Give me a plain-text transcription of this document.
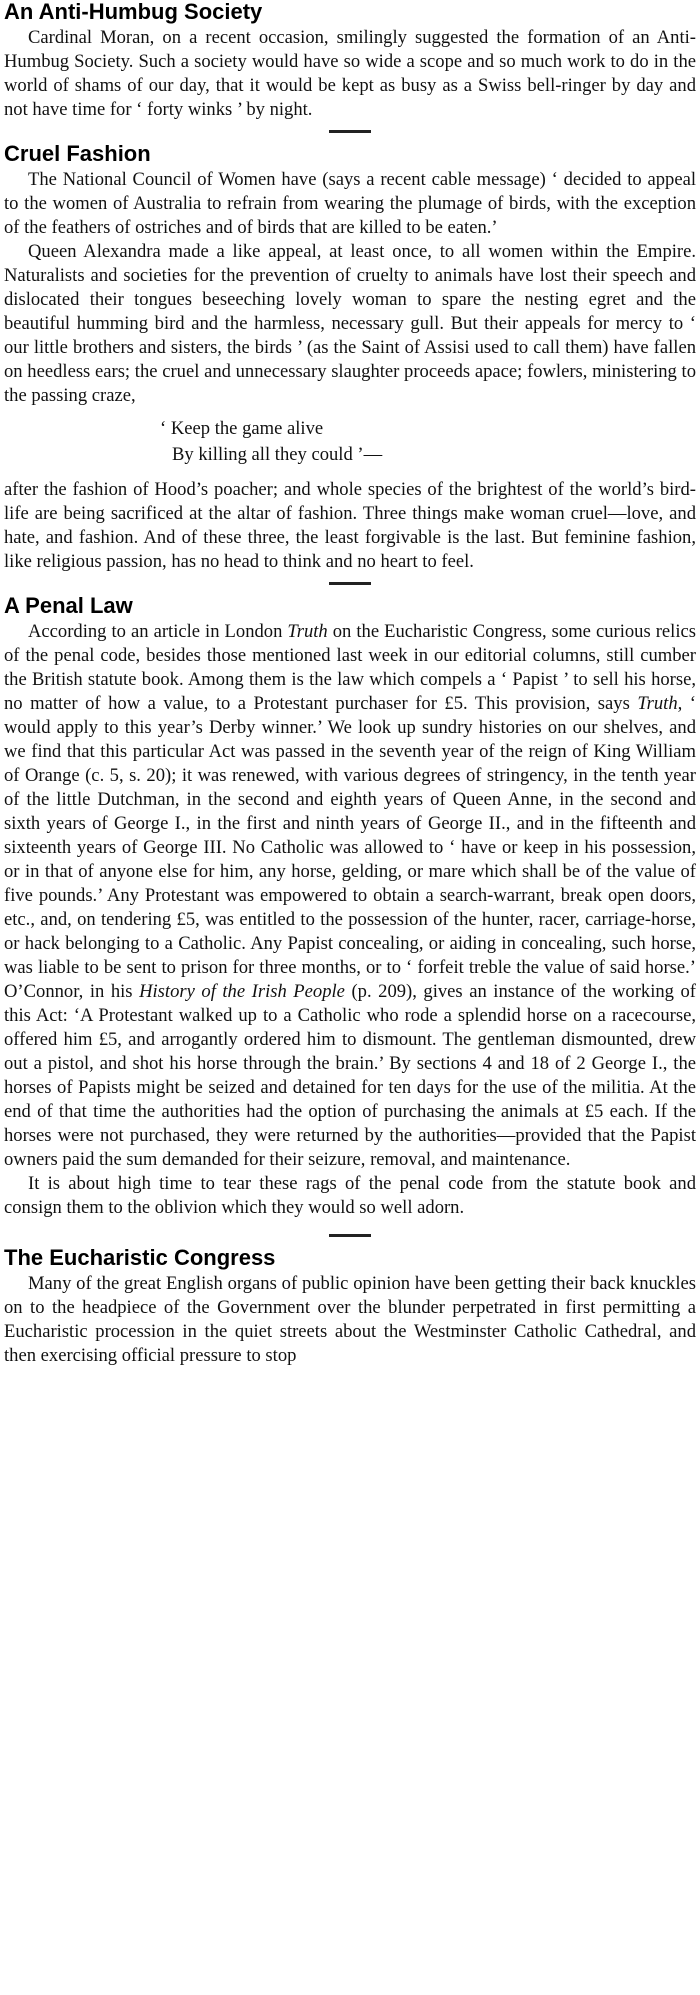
An Anti-Humbug Society

Cardinal Moran, on a recent occasion, smilingly suggested the formation of an Anti-Humbug Society. Such a society would have so wide a scope and so much work to do in the world of shams of our day, that it would be kept as busy as a Swiss bell-ringer by day and not have time for ‘ forty winks ’ by night.

Cruel Fashion

The National Council of Women have (says a recent cable message) ‘ decided to appeal to the women of Australia to refrain from wearing the plumage of birds, with the exception of the feathers of ostriches and of birds that are killed to be eaten.’

Queen Alexandra made a like appeal, at least once, to all women within the Empire. Naturalists and societies for the prevention of cruelty to animals have lost their speech and dislocated their tongues beseeching lovely woman to spare the nesting egret and the beautiful humming bird and the harmless, necessary gull. But their appeals for mercy to ‘ our little brothers and sisters, the birds ’ (as the Saint of Assisi used to call them) have fallen on heedless ears; the cruel and unnecessary slaughter proceeds apace; fowlers, ministering to the passing craze,

‘ Keep the game alive
By killing all they could ’—

after the fashion of Hood’s poacher; and whole species of the brightest of the world’s bird-life are being sacrificed at the altar of fashion. Three things make woman cruel—love, and hate, and fashion. And of these three, the least forgivable is the last. But feminine fashion, like religious passion, has no head to think and no heart to feel.

A Penal Law

According to an article in London Truth on the Eucharistic Congress, some curious relics of the penal code, besides those mentioned last week in our editorial columns, still cumber the British statute book. Among them is the law which compels a ‘ Papist ’ to sell his horse, no matter of how a value, to a Protestant purchaser for £5. This provision, says Truth, ‘ would apply to this year’s Derby winner.’ We look up sundry histories on our shelves, and we find that this particular Act was passed in the seventh year of the reign of King William of Orange (c. 5, s. 20); it was renewed, with various degrees of stringency, in the tenth year of the little Dutchman, in the second and eighth years of Queen Anne, in the second and sixth years of George I., in the first and ninth years of George II., and in the fifteenth and sixteenth years of George III. No Catholic was allowed to ‘ have or keep in his possession, or in that of anyone else for him, any horse, gelding, or mare which shall be of the value of five pounds.’ Any Protestant was empowered to obtain a search-warrant, break open doors, etc., and, on tendering £5, was entitled to the possession of the hunter, racer, carriage-horse, or hack belonging to a Catholic. Any Papist concealing, or aiding in concealing, such horse, was liable to be sent to prison for three months, or to ‘ forfeit treble the value of said horse.’ O’Connor, in his History of the Irish People (p. 209), gives an instance of the working of this Act: ‘A Protestant walked up to a Catholic who rode a splendid horse on a racecourse, offered him £5, and arrogantly ordered him to dismount. The gentleman dismounted, drew out a pistol, and shot his horse through the brain.’ By sections 4 and 18 of 2 George I., the horses of Papists might be seized and detained for ten days for the use of the militia. At the end of that time the authorities had the option of purchasing the animals at £5 each. If the horses were not purchased, they were returned by the authorities—provided that the Papist owners paid the sum demanded for their seizure, removal, and maintenance.

It is about high time to tear these rags of the penal code from the statute book and consign them to the oblivion which they would so well adorn.

The Eucharistic Congress

Many of the great English organs of public opinion have been getting their back knuckles on to the headpiece of the Government over the blunder perpetrated in first permitting a Eucharistic procession in the quiet streets about the Westminster Catholic Cathedral, and then exercising official pressure to stop
